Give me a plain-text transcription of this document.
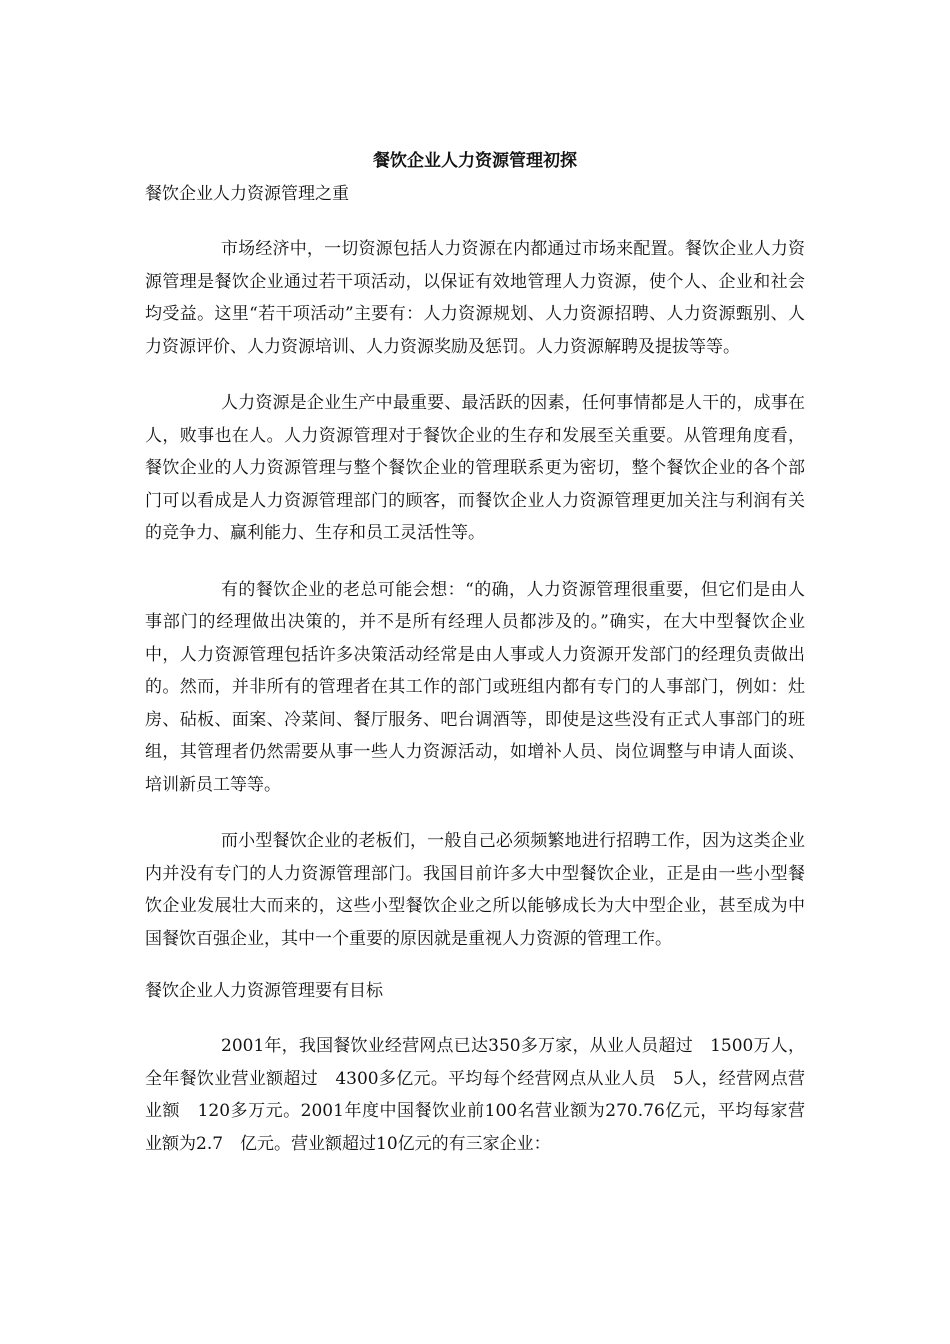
餐饮企业人力资源管理初探

餐饮企业人力资源管理之重

市场经济中，一切资源包括人力资源在内都通过市场来配置。餐饮企业人力资源管理是餐饮企业通过若干项活动，以保证有效地管理人力资源，使个人、企业和社会均受益。这里“若干项活动”主要有：人力资源规划、人力资源招聘、人力资源甄别、人力资源评价、人力资源培训、人力资源奖励及惩罚。人力资源解聘及提拔等等。

人力资源是企业生产中最重要、最活跃的因素，任何事情都是人干的，成事在人，败事也在人。人力资源管理对于餐饮企业的生存和发展至关重要。从管理角度看，餐饮企业的人力资源管理与整个餐饮企业的管理联系更为密切，整个餐饮企业的各个部门可以看成是人力资源管理部门的顾客，而餐饮企业人力资源管理更加关注与利润有关的竞争力、赢利能力、生存和员工灵活性等。

有的餐饮企业的老总可能会想：“的确，人力资源管理很重要，但它们是由人事部门的经理做出决策的，并不是所有经理人员都涉及的。”确实，在大中型餐饮企业中，人力资源管理包括许多决策活动经常是由人事或人力资源开发部门的经理负责做出的。然而，并非所有的管理者在其工作的部门或班组内都有专门的人事部门，例如：灶房、砧板、面案、冷菜间、餐厅服务、吧台调酒等，即使是这些没有正式人事部门的班组，其管理者仍然需要从事一些人力资源活动，如增补人员、岗位调整与申请人面谈、培训新员工等等。

而小型餐饮企业的老板们，一般自己必须频繁地进行招聘工作，因为这类企业内并没有专门的人力资源管理部门。我国目前许多大中型餐饮企业，正是由一些小型餐饮企业发展壮大而来的，这些小型餐饮企业之所以能够成长为大中型企业，甚至成为中国餐饮百强企业，其中一个重要的原因就是重视人力资源的管理工作。

餐饮企业人力资源管理要有目标

2001年，我国餐饮业经营网点已达350多万家，从业人员超过　1500万人，全年餐饮业营业额超过　4300多亿元。平均每个经营网点从业人员　5人，经营网点营业额　120多万元。2001年度中国餐饮业前100名营业额为270.76亿元，平均每家营业额为2.7　亿元。营业额超过10亿元的有三家企业：
